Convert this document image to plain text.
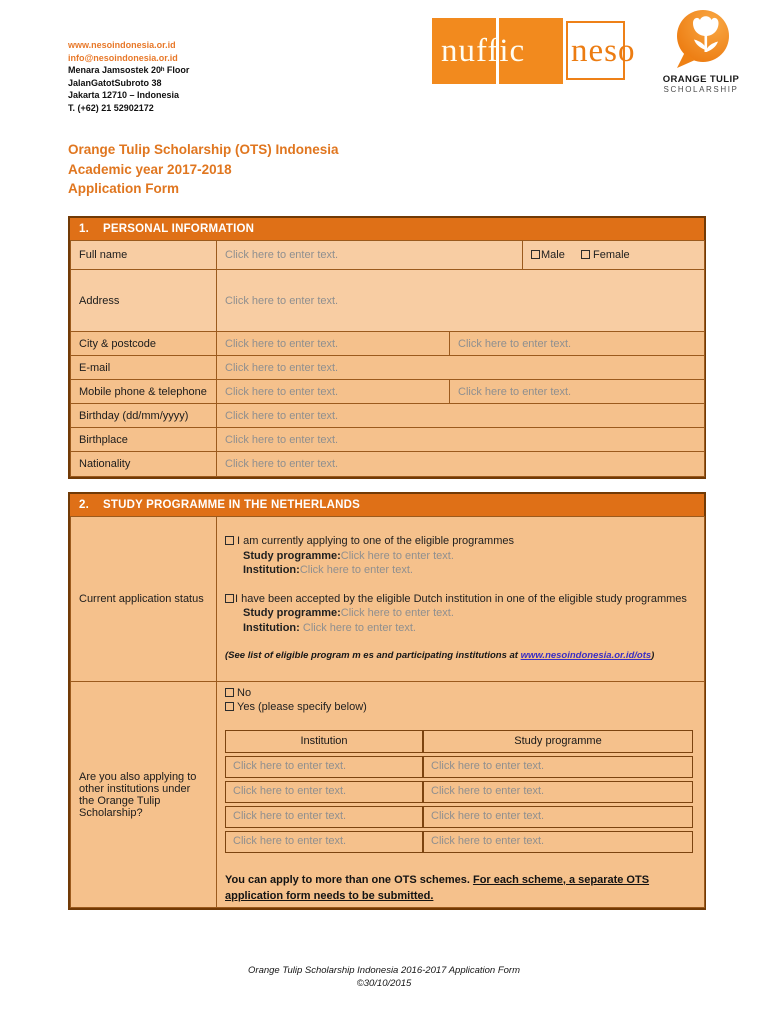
www.nesoindonesia.or.id
info@nesoindonesia.or.id
Menara Jamsostek 20ʰ Floor
JalanGatotSubroto 38
Jakarta 12710 – Indonesia
T. (+62) 21 52902172
nuffic	neso
ORANGE TULIP
SCHOLARSHIP
Orange Tulip Scholarship (OTS) Indonesia
Academic year 2017-2018
Application Form
1. PERSONAL INFORMATION
Full name	Click here to enter text.		Male Female
Address	Click here to enter text.		
City & postcode	Click here to enter text.	Click here to enter text.	
E-mail	Click here to enter text.		
Mobile phone & telephone	Click here to enter text.	Click here to enter text.	
Birthday (dd/mm/yyyy)	Click here to enter text.		
Birthplace	Click here to enter text.		
Nationality	Click here to enter text.		
2. STUDY PROGRAMME IN THE NETHERLANDS
Current application status	
I am currently applying to one of the eligible programmes
Study programme:Click here to enter text.
Institution:Click here to enter text.
I have been accepted by the eligible Dutch institution in one of the eligible study programmes
Study programme:Click here to enter text.
Institution: Click here to enter text.
(See list of eligible program m es and participating institutions at www.nesoindonesia.or.id/ots)

Are you also applying to other institutions under the Orange Tulip Scholarship?	
No
Yes (please specify below)
Institution	Study programme
Click here to enter text.	Click here to enter text.
Click here to enter text.	Click here to enter text.
Click here to enter text.	Click here to enter text.
Click here to enter text.	Click here to enter text.
You can apply to more than one OTS schemes. For each scheme, a separate OTS application form needs to be submitted.
Orange Tulip Scholarship Indonesia 2016-2017 Application Form
©30/10/2015
